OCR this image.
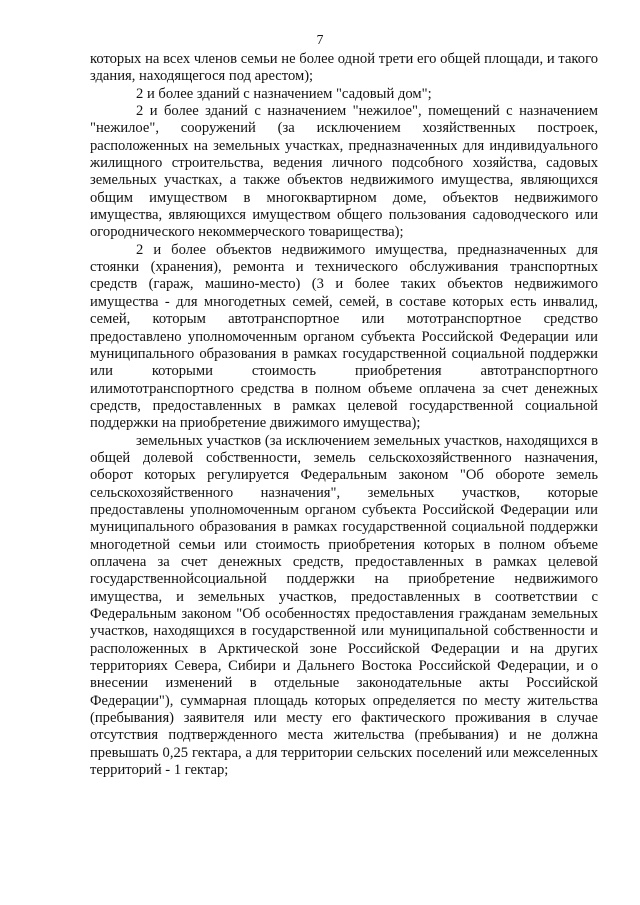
7

которых на всех членов семьи не более одной трети его общей площади, и такого здания, находящегося под арестом);

2 и более зданий с назначением "садовый дом";

2 и более зданий с назначением "нежилое", помещений с назначением "нежилое", сооружений (за исключением хозяйственных построек, расположенных на земельных участках, предназначенных для индивидуального жилищного строительства, ведения личного подсобного хозяйства, садовых земельных участках, а также объектов недвижимого имущества, являющихся общим имуществом в многоквартирном доме, объектов недвижимого имущества, являющихся имуществом общего пользования садоводческого или огороднического некоммерческого товарищества);

2 и более объектов недвижимого имущества, предназначенных для стоянки (хранения), ремонта и технического обслуживания транспортных средств (гараж, машино-место) (3 и более таких объектов недвижимого имущества - для многодетных семей, семей, в составе которых есть инвалид, семей, которым автотранспортное или мототранспортное средство предоставлено уполномоченным органом субъекта Российской Федерации или муниципального образования в рамках государственной социальной поддержки или которыми стоимость приобретения автотранспортного илимототранспортного средства в полном объеме оплачена за счет денежных средств, предоставленных в рамках целевой государственной социальной поддержки на приобретение движимого имущества);

земельных участков (за исключением земельных участков, находящихся в общей долевой собственности, земель сельскохозяйственного назначения, оборот которых регулируется Федеральным законом "Об обороте земель сельскохозяйственного назначения", земельных участков, которые предоставлены уполномоченным органом субъекта Российской Федерации или муниципального образования в рамках государственной социальной поддержки многодетной семьи или стоимость приобретения которых в полном объеме оплачена за счет денежных средств, предоставленных в рамках целевой государственнойсоциальной поддержки на приобретение недвижимого имущества, и земельных участков, предоставленных в соответствии с Федеральным законом "Об особенностях предоставления гражданам земельных участков, находящихся в государственной или муниципальной собственности и расположенных в Арктической зоне Российской Федерации и на других территориях Севера, Сибири и Дальнего Востока Российской Федерации, и о внесении изменений в отдельные законодательные акты Российской Федерации"), суммарная площадь которых определяется по месту жительства (пребывания) заявителя или месту его фактического проживания в случае отсутствия подтвержденного места жительства (пребывания) и не должна превышать 0,25 гектара, а для территории сельских поселений или межселенных территорий - 1 гектар;
